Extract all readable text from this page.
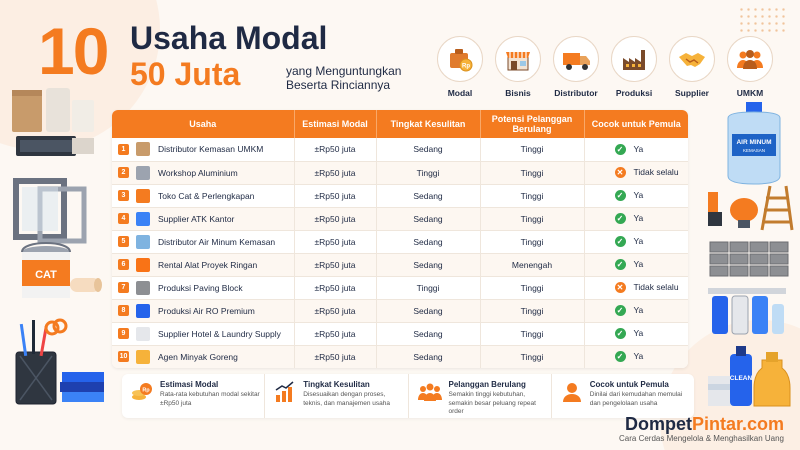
10 Usaha Modal
50 Juta	yang Menguntungkan
Beserta Rinciannya
Rp
Modal	Bisnis	Distributor Produksi	Supplier	UMKM
CAT
AIR MINUM
KEMASAN
CLEAN
Usaha	Estimasi Modal	Tingkat Kesulitan	Potensi Pelanggan Berulang	Cocok untuk Pemula
1 Distributor Kemasan UMKM	±Rp50 juta	Sedang	Tinggi	✓ Ya
2 Workshop Aluminium	±Rp50 juta	Tinggi	Tinggi	✕ Tidak selalu
3 Toko Cat & Perlengkapan	±Rp50 juta	Sedang	Tinggi	✓ Ya
4 Supplier ATK Kantor	±Rp50 juta	Sedang	Tinggi	✓ Ya
5 Distributor Air Minum Kemasan	±Rp50 juta	Sedang	Tinggi	✓ Ya
6 Rental Alat Proyek Ringan	±Rp50 juta	Sedang	Menengah	✓ Ya
7 Produksi Paving Block	±Rp50 juta	Tinggi	Tinggi	✕ Tidak selalu
8 Produksi Air RO Premium	±Rp50 juta	Sedang	Tinggi	✓ Ya
9 Supplier Hotel & Laundry Supply	±Rp50 juta	Sedang	Tinggi	✓ Ya
10 Agen Minyak Goreng	±Rp50 juta	Sedang	Tinggi	✓ Ya
Rp
Estimasi Modal
Rata-rata kebutuhan modal sekitar ±Rp50 juta
Tingkat Kesulitan
Disesuaikan dengan proses, teknis, dan manajemen usaha
Pelanggan Berulang
Semakin tinggi kebutuhan, semakin besar peluang repeat order
Cocok untuk Pemula
Dinilai dari kemudahan memulai dan pengelolaan usaha
DompetPintar.com
Cara Cerdas Mengelola & Menghasilkan Uang
